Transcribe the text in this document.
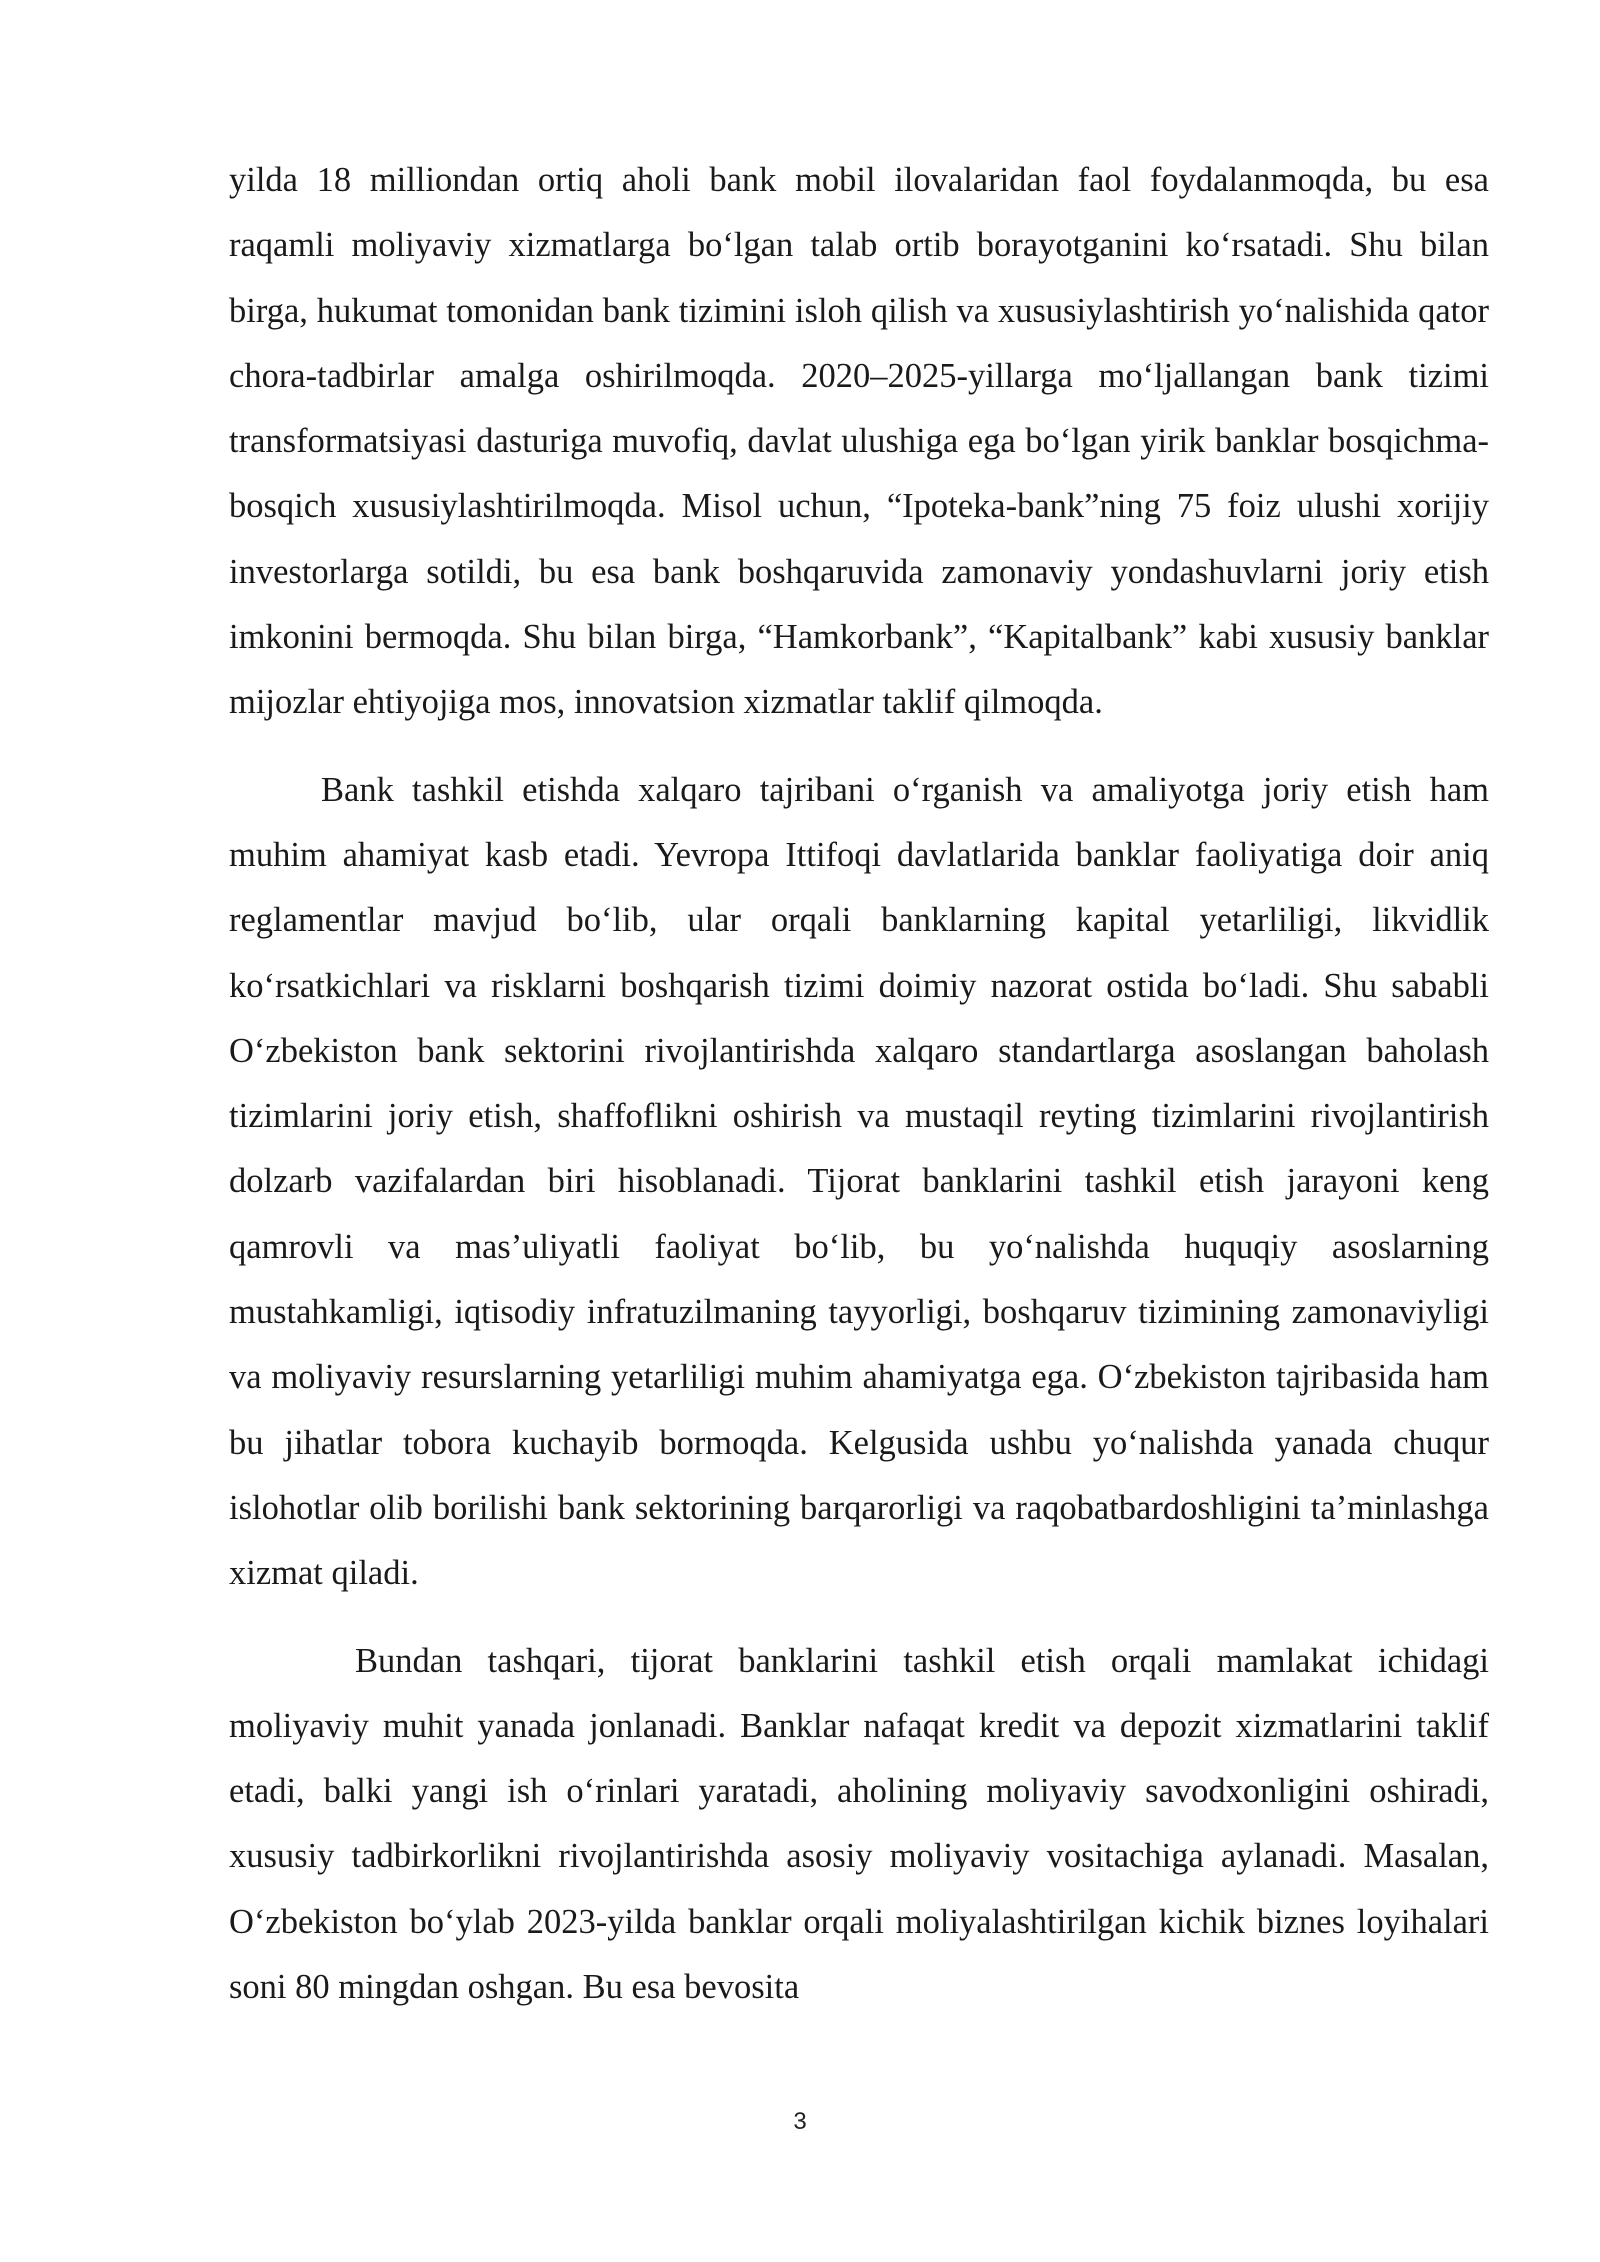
yilda 18 milliondan ortiq aholi bank mobil ilovalaridan faol foydalanmoqda, bu esa raqamli moliyaviy xizmatlarga bo‘lgan talab ortib borayotganini ko‘rsatadi. Shu bilan birga, hukumat tomonidan bank tizimini isloh qilish va xususiylashtirish yo‘nalishida qator chora-tadbirlar amalga oshirilmoqda. 2020–2025-yillarga mo‘ljallangan bank tizimi transformatsiyasi dasturiga muvofiq, davlat ulushiga ega bo‘lgan yirik banklar bosqichma-bosqich xususiylashtirilmoqda. Misol uchun, “Ipoteka-bank”ning 75 foiz ulushi xorijiy investorlarga sotildi, bu esa bank boshqaruvida zamonaviy yondashuvlarni joriy etish imkonini bermoqda. Shu bilan birga, “Hamkorbank”, “Kapitalbank” kabi xususiy banklar mijozlar ehtiyojiga mos, innovatsion xizmatlar taklif qilmoqda.

Bank tashkil etishda xalqaro tajribani o‘rganish va amaliyotga joriy etish ham muhim ahamiyat kasb etadi. Yevropa Ittifoqi davlatlarida banklar faoliyatiga doir aniq reglamentlar mavjud bo‘lib, ular orqali banklarning kapital yetarliligi, likvidlik ko‘rsatkichlari va risklarni boshqarish tizimi doimiy nazorat ostida bo‘ladi. Shu sababli O‘zbekiston bank sektorini rivojlantirishda xalqaro standartlarga asoslangan baholash tizimlarini joriy etish, shaffoflikni oshirish va mustaqil reyting tizimlarini rivojlantirish dolzarb vazifalardan biri hisoblanadi. Tijorat banklarini tashkil etish jarayoni keng qamrovli va mas’uliyatli faoliyat bo‘lib, bu yo‘nalishda huquqiy asoslarning mustahkamligi, iqtisodiy infratuzilmaning tayyorligi, boshqaruv tizimining zamonaviyligi va moliyaviy resurslarning yetarliligi muhim ahamiyatga ega. O‘zbekiston tajribasida ham bu jihatlar tobora kuchayib bormoqda. Kelgusida ushbu yo‘nalishda yanada chuqur islohotlar olib borilishi bank sektorining barqarorligi va raqobatbardoshligini ta’minlashga xizmat qiladi.

Bundan tashqari, tijorat banklarini tashkil etish orqali mamlakat ichidagi moliyaviy muhit yanada jonlanadi. Banklar nafaqat kredit va depozit xizmatlarini taklif etadi, balki yangi ish o‘rinlari yaratadi, aholining moliyaviy savodxonligini oshiradi, xususiy tadbirkorlikni rivojlantirishda asosiy moliyaviy vositachiga aylanadi. Masalan, O‘zbekiston bo‘ylab 2023-yilda banklar orqali moliyalashtirilgan kichik biznes loyihalari soni 80 mingdan oshgan. Bu esa bevosita

3
